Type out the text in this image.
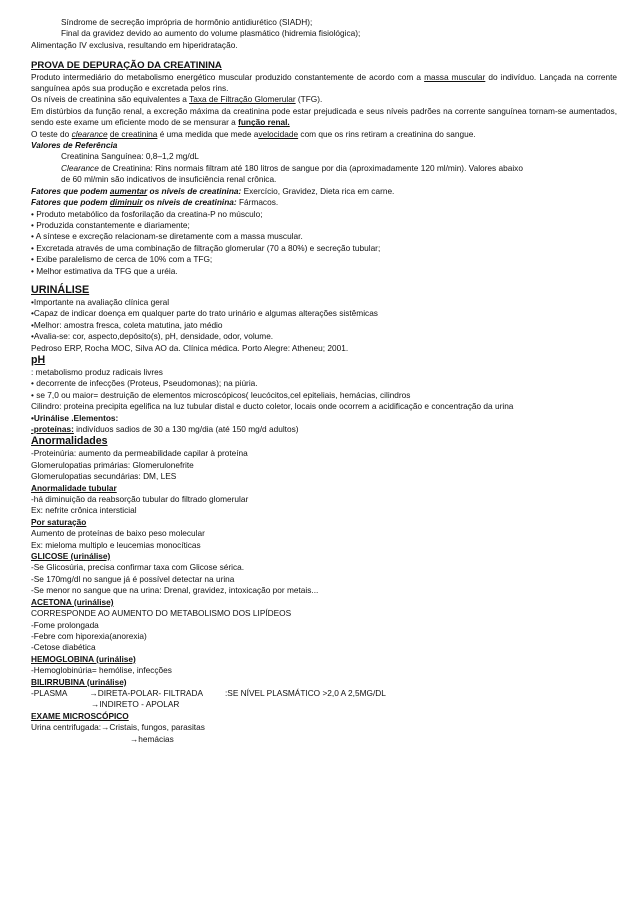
Síndrome de secreção imprópria de hormônio antidiurético (SIADH);
Final da gravidez devido ao aumento do volume plasmático (hidremia fisiológica);
Alimentação IV exclusiva, resultando em hiperidratação.
PROVA DE DEPURAÇÃO DA CREATININA
Produto intermediário do metabolismo energético muscular produzido constantemente de acordo com a massa muscular do indivíduo. Lançada na corrente sanguínea após sua produção e excretada pelos rins.
Os níveis de creatinina são equivalentes a Taxa de Filtração Glomerular (TFG).
Em distúrbios da função renal, a excreção máxima da creatinina pode estar prejudicada e seus níveis padrões na corrente sanguínea tornam-se aumentados, sendo este exame um eficiente modo de se mensurar a função renal.
O teste do clearance de creatinina é uma medida que mede avelocidade com que os rins retiram a creatinina do sangue.
Valores de Referência
Creatinina Sanguínea: 0,8–1,2 mg/dL
Clearance de Creatinina: Rins normais filtram até 180 litros de sangue por dia (aproximadamente 120 ml/min). Valores abaixo
de 60 ml/min são indicativos de insuficiência renal crônica.
Fatores que podem aumentar os níveis de creatinina: Exercício, Gravidez, Dieta rica em carne.
Fatores que podem diminuir os níveis de creatinina: Fármacos.
• Produto metabólico da fosforilação da creatina-P no músculo;
• Produzida constantemente e diariamente;
• A síntese e excreção relacionam-se diretamente com a massa muscular.
• Excretada através de uma combinação de filtração glomerular (70 a 80%) e secreção tubular;
• Exibe paralelismo de cerca de 10% com a TFG;
• Melhor estimativa da TFG que a uréia.
URINÁLISE
•Importante na avaliação clínica geral
•Capaz de indicar doença em qualquer parte do trato urinário e algumas alterações sistêmicas
•Melhor: amostra fresca, coleta matutina, jato médio
•Avalia-se: cor, aspecto,depósito(s), pH, densidade, odor, volume.
Pedroso ERP, Rocha MOC, Silva AO da. Clínica médica. Porto Alegre: Atheneu; 2001.
pH
: metabolismo produz radicais livres
• decorrente de infecções (Proteus, Pseudomonas); na piúria.
• se 7,0 ou maior= destruição de elementos microscópicos( leucócitos,cel epiteliais, hemácias, cilindros
Cilindro: proteina precipita egelifica na luz tubular distal e ducto coletor, locais onde ocorrem a acidificação e concentração da urina
•Urinálise .Elementos:
-proteínas: indivíduos sadios de 30 a 130 mg/dia (até 150 mg/d adultos)
Anormalidades
-Proteinúria: aumento da permeabilidade capilar à proteína
Glomerulopatias primárias: Glomerulonefrite
Glomerulopatias secundárias: DM, LES
Anormalidade tubular
-há diminuição da reabsorção tubular do filtrado glomerular
Ex: nefrite crônica intersticial
Por saturação
Aumento de proteínas de baixo peso molecular
Ex: mieloma multiplo e leucemias monocíticas
GLICOSE (urinálise)
-Se Glicosúria, precisa confirmar taxa com Glicose sérica.
-Se 170mg/dl no sangue já é possível detectar na urina
-Se menor no sangue que na urina: Drenal, gravidez, intoxicação por metais...
ACETONA (urinálise)
CORRESPONDE AO AUMENTO DO METABOLISMO DOS LIPÍDEOS
-Fome prolongada
-Febre com hiporexia(anorexia)
-Cetose diabética
HEMOGLOBINA (urinálise)
-Hemoglobinúria= hemólise, infecções
BILIRRUBINA (urinálise)
-PLASMA	→DIRETA-POLAR- FILTRADA	:SE NÍVEL PLASMÁTICO >2,0 A 2,5MG/DL
→INDIRETO - APOLAR
EXAME MICROSCÓPICO
Urina centrifugada:→Cristais, fungos, parasitas
→hemácias
